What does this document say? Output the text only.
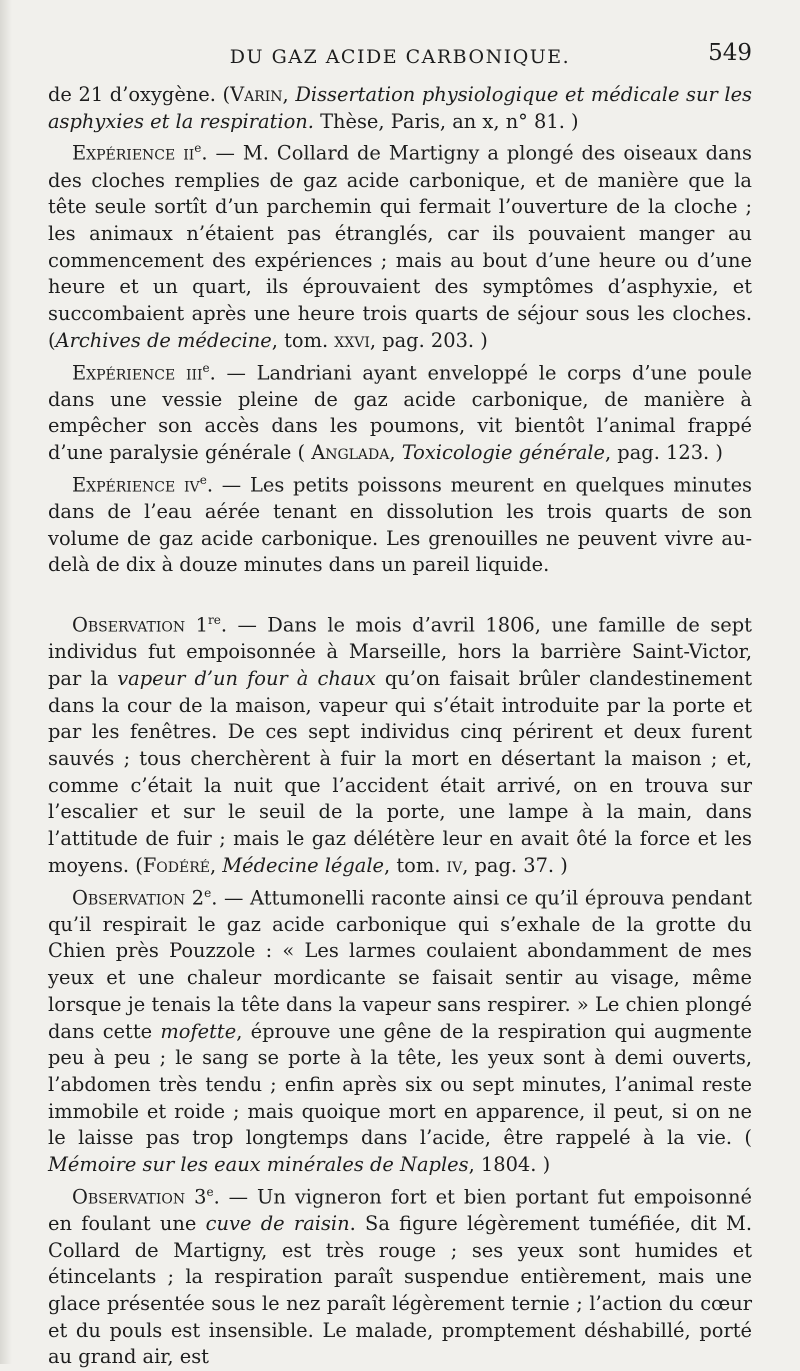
DU GAZ ACIDE CARBONIQUE.	549

de 21 d’oxygène. (Varin, Dissertation physiologique et médicale sur les asphyxies et la respiration. Thèse, Paris, an x, n° 81. )

Expérience $ii^e$. — M. Collard de Martigny a plongé des oiseaux dans des cloches remplies de gaz acide carbonique, et de manière que la tête seule sortît d’un parchemin qui fermait l’ouverture de la cloche ; les animaux n’étaient pas étranglés, car ils pouvaient manger au commencement des expériences ; mais au bout d’une heure ou d’une heure et un quart, ils éprouvaient des symptômes d’asphyxie, et succombaient après une heure trois quarts de séjour sous les cloches. (Archives de médecine, tom. xxvi, pag. 203. )

Expérience iii$^e$. — Landriani ayant enveloppé le corps d’une poule dans une vessie pleine de gaz acide carbonique, de manière à empêcher son accès dans les poumons, vit bientôt l’animal frappé d’une paralysie générale ( Anglada, Toxicologie générale, pag. 123. )

Expérience $iv^e$. — Les petits poissons meurent en quelques minutes dans de l’eau aérée tenant en dissolution les trois quarts de son volume de gaz acide carbonique. Les grenouilles ne peuvent vivre au-delà de dix à douze minutes dans un pareil liquide.

Observation 1re. — Dans le mois d’avril 1806, une famille de sept individus fut empoisonnée à Marseille, hors la barrière Saint-Victor, par la vapeur d’un four à chaux qu’on faisait brûler clandestinement dans la cour de la maison, vapeur qui s’était introduite par la porte et par les fenêtres. De ces sept individus cinq périrent et deux furent sauvés ; tous cherchèrent à fuir la mort en désertant la maison ; et, comme c’était la nuit que l’accident était arrivé, on en trouva sur l’escalier et sur le seuil de la porte, une lampe à la main, dans l’attitude de fuir ; mais le gaz délétère leur en avait ôté la force et les moyens. (Fodéré, Médecine légale, tom. iv, pag. 37. )

Observation 2e. — Attumonelli raconte ainsi ce qu’il éprouva pendant qu’il respirait le gaz acide carbonique qui s’exhale de la grotte du Chien près Pouzzole : « Les larmes coulaient abondamment de mes yeux et une chaleur mordicante se faisait sentir au visage, même lorsque je tenais la tête dans la vapeur sans respirer. » Le chien plongé dans cette mofette, éprouve une gêne de la respiration qui augmente peu à peu ; le sang se porte à la tête, les yeux sont à demi ouverts, l’abdomen très tendu ; enfin après six ou sept minutes, l’animal reste immobile et roide ; mais quoique mort en apparence, il peut, si on ne le laisse pas trop longtemps dans l’acide, être rappelé à la vie. ( Mémoire sur les eaux minérales de Naples, 1804. )

Observation 3e. — Un vigneron fort et bien portant fut empoisonné en foulant une cuve de raisin. Sa figure légèrement tuméfiée, dit M. Collard de Martigny, est très rouge ; ses yeux sont humides et étincelants ; la respiration paraît suspendue entièrement, mais une glace présentée sous le nez paraît légèrement ternie ; l’action du cœur et du pouls est insensible. Le malade, promptement déshabillé, porté au grand air, est
